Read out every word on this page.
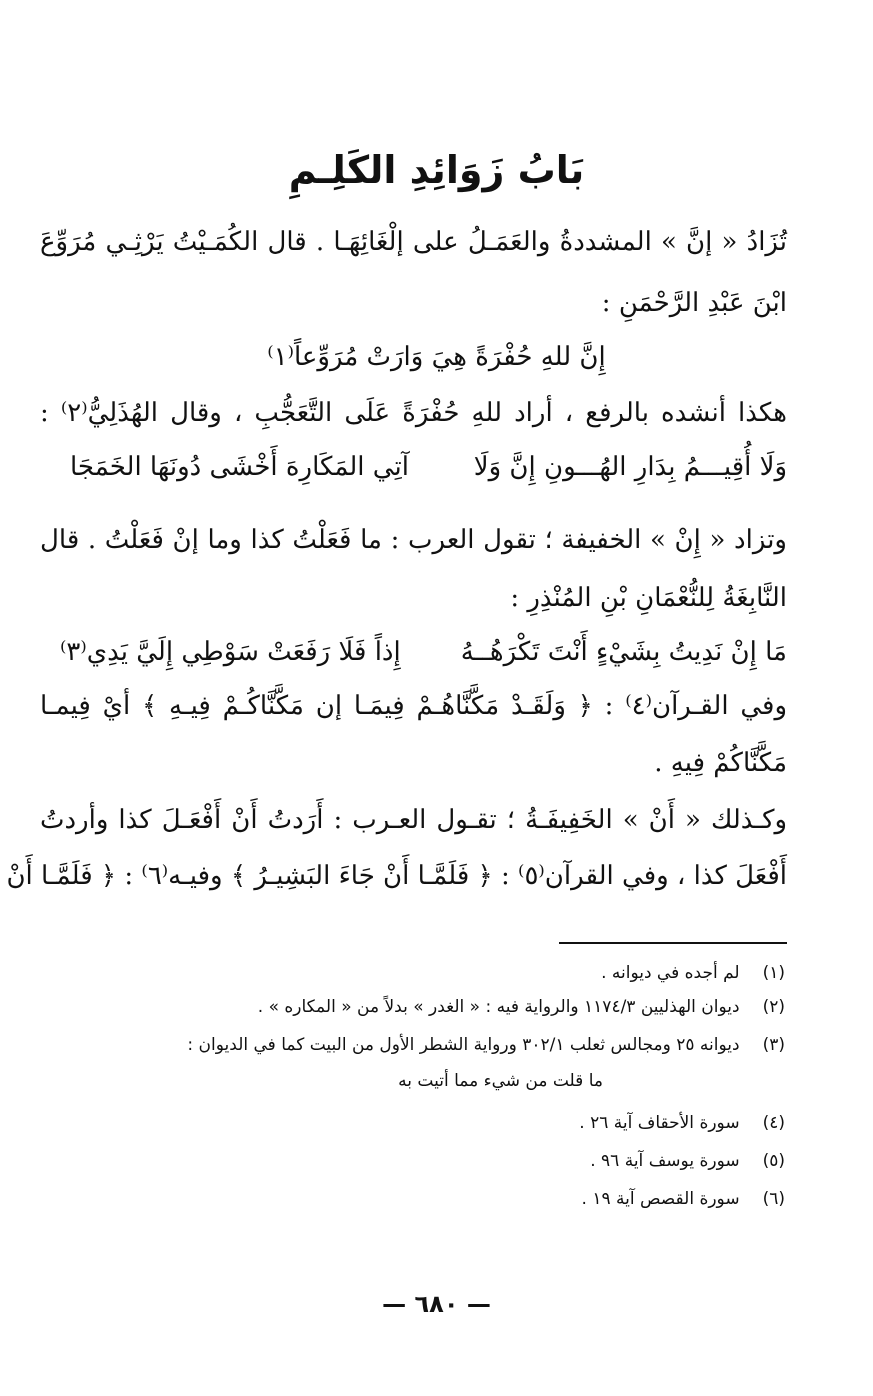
بَابُ زَوَائِدِ الكَلِـمِ
تُزَادُ « إنَّ » المشددةُ والعَمَـلُ على إلْغَائِهَـا . قال الكُمَـيْتُ يَرْثِـي مُرَوِّعَ
ابْنَ عَبْدِ الرَّحْمَنِ :
إِنَّ للهِ حُفْرَةً هِيَ وَارَتْ مُرَوِّعاً⁽١⁾
هكذا أنشده بالرفع ، أراد للهِ حُفْرَةً عَلَى التَّعَجُّبِ ، وقال الهُذَلِيُّ⁽٢⁾ :
وَلَا أُقِيـــمُ بِدَارِ الهُـــونِ إِنَّ وَلَا
آتِي المَكَارِهَ أَخْشَى دُونَهَا الخَمَجَا
وتزاد « إِنْ » الخفيفة ؛ تقول العرب : ما فَعَلْتُ كذا وما إنْ فَعَلْتُ . قال
النَّابِغَةُ لِلنُّعْمَانِ بْنِ المُنْذِرِ :
مَا إِنْ نَدِيتُ بِشَيْءٍ أَنْتَ تَكْرَهُــهُ
إِذاً فَلَا رَفَعَتْ سَوْطِي إِلَيَّ يَدِي⁽٣⁾
وفي القـرآن⁽٤⁾ : ﴿ وَلَقَـدْ مَكَّنَّاهُـمْ فِيمَـا إن مَكَّنَّاكُـمْ فِيـهِ ﴾ أيْ فِيمـا
مَكَّنَّاكُمْ فِيهِ .
وكـذلك « أَنْ » الخَفِيفَـةُ ؛ تقـول العـرب : أَرَدتُ أَنْ أَفْعَـلَ كذا وأردتُ
أَفْعَلَ كذا ، وفي القرآن⁽٥⁾ : ﴿ فَلَمَّـا أَنْ جَاءَ البَشِيـرُ ﴾ وفيـه⁽٦⁾ : ﴿ فَلَمَّـا أَنْ
(١) لم أجده في ديوانه .
(٢) ديوان الهذليين ١١٧٤/٣ والرواية فيه : « الغدر » بدلاً من « المكاره » .
(٣) ديوانه ٢٥ ومجالس ثعلب ٣٠٢/١ ورواية الشطر الأول من البيت كما في الديوان :
ما قلت من شيء مما أتيت به
(٤) سورة الأحقاف آية ٢٦ .
(٥) سورة يوسف آية ٩٦ .
(٦) سورة القصص آية ١٩ .
— ٦٨٠ —
